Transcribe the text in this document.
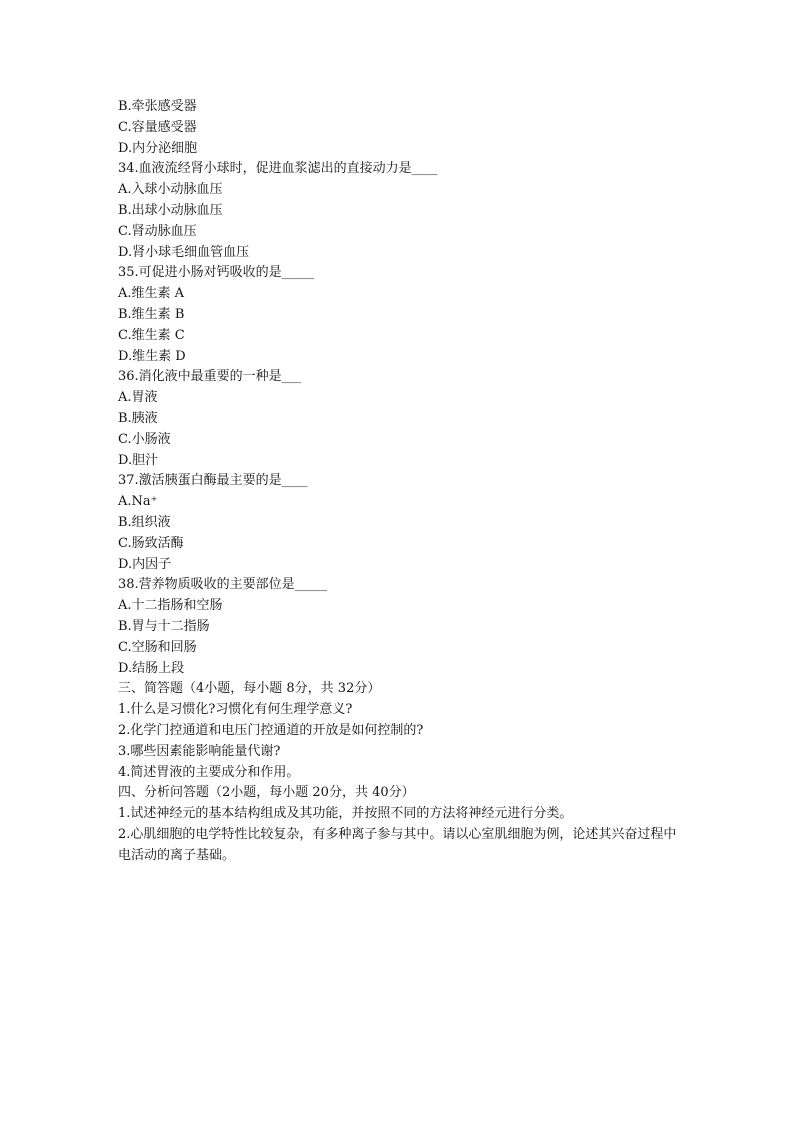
B.牵张感受器
C.容量感受器
D.内分泌细胞
34.血液流经肾小球时，促进血浆滤出的直接动力是____
A.入球小动脉血压
B.出球小动脉血压
C.肾动脉血压
D.肾小球毛细血管血压
35.可促进小肠对钙吸收的是_____
A.维生素 A
B.维生素 B
C.维生素 C
D.维生素 D
36.消化液中最重要的一种是___
A.胃液
B.胰液
C.小肠液
D.胆汁
37.激活胰蛋白酶最主要的是____
A.Na⁺
B.组织液
C.肠致活酶
D.内因子
38.营养物质吸收的主要部位是_____
A.十二指肠和空肠
B.胃与十二指肠
C.空肠和回肠
D.结肠上段
三、简答题（4小题，每小题 8分，共 32分）
1.什么是习惯化?习惯化有何生理学意义?
2.化学门控通道和电压门控通道的开放是如何控制的?
3.哪些因素能影响能量代谢?
4.简述胃液的主要成分和作用。
四、分析问答题（2小题，每小题 20分，共 40分）
1.试述神经元的基本结构组成及其功能，并按照不同的方法将神经元进行分类。
2.心肌细胞的电学特性比较复杂，有多种离子参与其中。请以心室肌细胞为例，论述其兴奋过程中电活动的离子基础。
